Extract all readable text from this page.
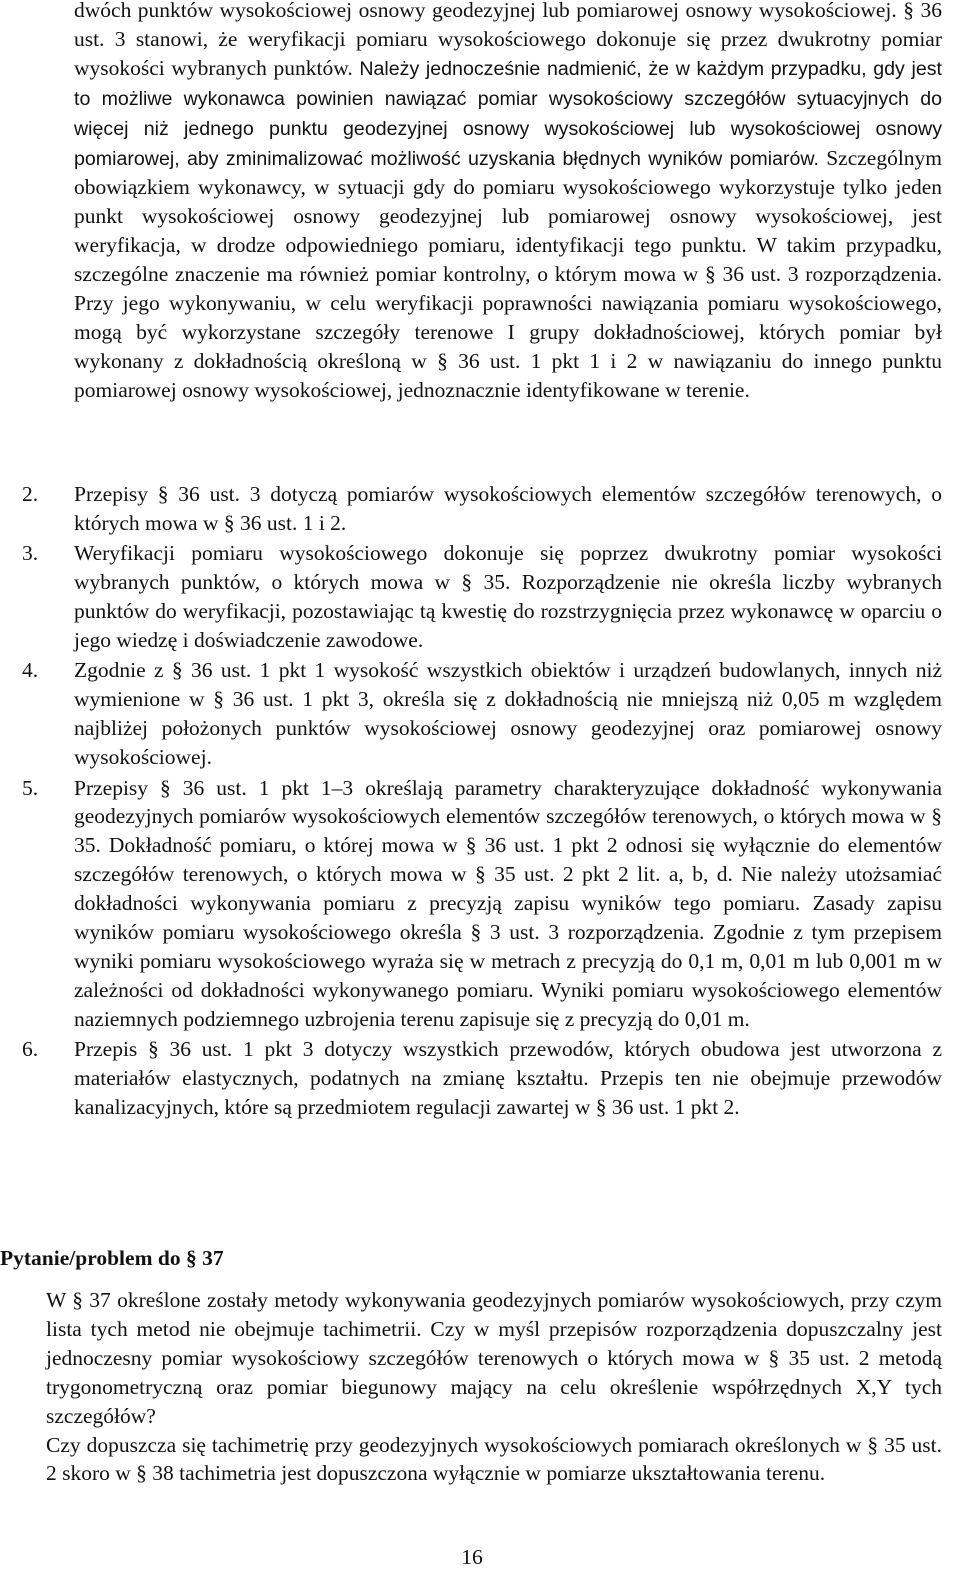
dwóch punktów wysokościowej osnowy geodezyjnej lub pomiarowej osnowy wysokościowej. § 36 ust. 3 stanowi, że weryfikacji pomiaru wysokościowego dokonuje się przez dwukrotny pomiar wysokości wybranych punktów. Należy jednocześnie nadmienić, że w każdym przypadku, gdy jest to możliwe wykonawca powinien nawiązać pomiar wysokościowy szczegółów sytuacyjnych do więcej niż jednego punktu geodezyjnej osnowy wysokościowej lub wysokościowej osnowy pomiarowej, aby zminimalizować możliwość uzyskania błędnych wyników pomiarów. Szczególnym obowiązkiem wykonawcy, w sytuacji gdy do pomiaru wysokościowego wykorzystuje tylko jeden punkt wysokościowej osnowy geodezyjnej lub pomiarowej osnowy wysokościowej, jest weryfikacja, w drodze odpowiedniego pomiaru, identyfikacji tego punktu. W takim przypadku, szczególne znaczenie ma również pomiar kontrolny, o którym mowa w § 36 ust. 3 rozporządzenia. Przy jego wykonywaniu, w celu weryfikacji poprawności nawiązania pomiaru wysokościowego, mogą być wykorzystane szczegóły terenowe I grupy dokładnościowej, których pomiar był wykonany z dokładnością określoną w § 36 ust. 1 pkt 1 i 2 w nawiązaniu do innego punktu pomiarowej osnowy wysokościowej, jednoznacznie identyfikowane w terenie.

2.	Przepisy § 36 ust. 3 dotyczą pomiarów wysokościowych elementów szczegółów terenowych, o których mowa w § 36 ust. 1 i 2.
3.	Weryfikacji pomiaru wysokościowego dokonuje się poprzez dwukrotny pomiar wysokości wybranych punktów, o których mowa w § 35. Rozporządzenie nie określa liczby wybranych punktów do weryfikacji, pozostawiając tą kwestię do rozstrzygnięcia przez wykonawcę w oparciu o jego wiedzę i doświadczenie zawodowe.
4.	Zgodnie z § 36 ust. 1 pkt 1 wysokość wszystkich obiektów i urządzeń budowlanych, innych niż wymienione w § 36 ust. 1 pkt 3, określa się z dokładnością nie mniejszą niż 0,05 m względem najbliżej położonych punktów wysokościowej osnowy geodezyjnej oraz pomiarowej osnowy wysokościowej.
5.	Przepisy § 36 ust. 1 pkt 1–3 określają parametry charakteryzujące dokładność wykonywania geodezyjnych pomiarów wysokościowych elementów szczegółów terenowych, o których mowa w § 35. Dokładność pomiaru, o której mowa w § 36 ust. 1 pkt 2 odnosi się wyłącznie do elementów szczegółów terenowych, o których mowa w § 35 ust. 2 pkt 2 lit. a, b, d. Nie należy utożsamiać dokładności wykonywania pomiaru z precyzją zapisu wyników tego pomiaru. Zasady zapisu wyników pomiaru wysokościowego określa § 3 ust. 3 rozporządzenia. Zgodnie z tym przepisem wyniki pomiaru wysokościowego wyraża się w metrach z precyzją do 0,1 m, 0,01 m lub 0,001 m w zależności od dokładności wykonywanego pomiaru. Wyniki pomiaru wysokościowego elementów naziemnych podziemnego uzbrojenia terenu zapisuje się z precyzją do 0,01 m.
6.	Przepis § 36 ust. 1 pkt 3 dotyczy wszystkich przewodów, których obudowa jest utworzona z materiałów elastycznych, podatnych na zmianę kształtu. Przepis ten nie obejmuje przewodów kanalizacyjnych, które są przedmiotem regulacji zawartej w § 36 ust. 1 pkt 2.
Pytanie/problem do § 37
W § 37 określone zostały metody wykonywania geodezyjnych pomiarów wysokościowych, przy czym lista tych metod nie obejmuje tachimetrii. Czy w myśl przepisów rozporządzenia dopuszczalny jest jednoczesny pomiar wysokościowy szczegółów terenowych o których mowa w § 35 ust. 2 metodą trygonometryczną oraz pomiar biegunowy mający na celu określenie współrzędnych X,Y tych szczegółów?
Czy dopuszcza się tachimetrię przy geodezyjnych wysokościowych pomiarach określonych w § 35 ust. 2 skoro w § 38 tachimetria jest dopuszczona wyłącznie w pomiarze ukształtowania terenu.

16
